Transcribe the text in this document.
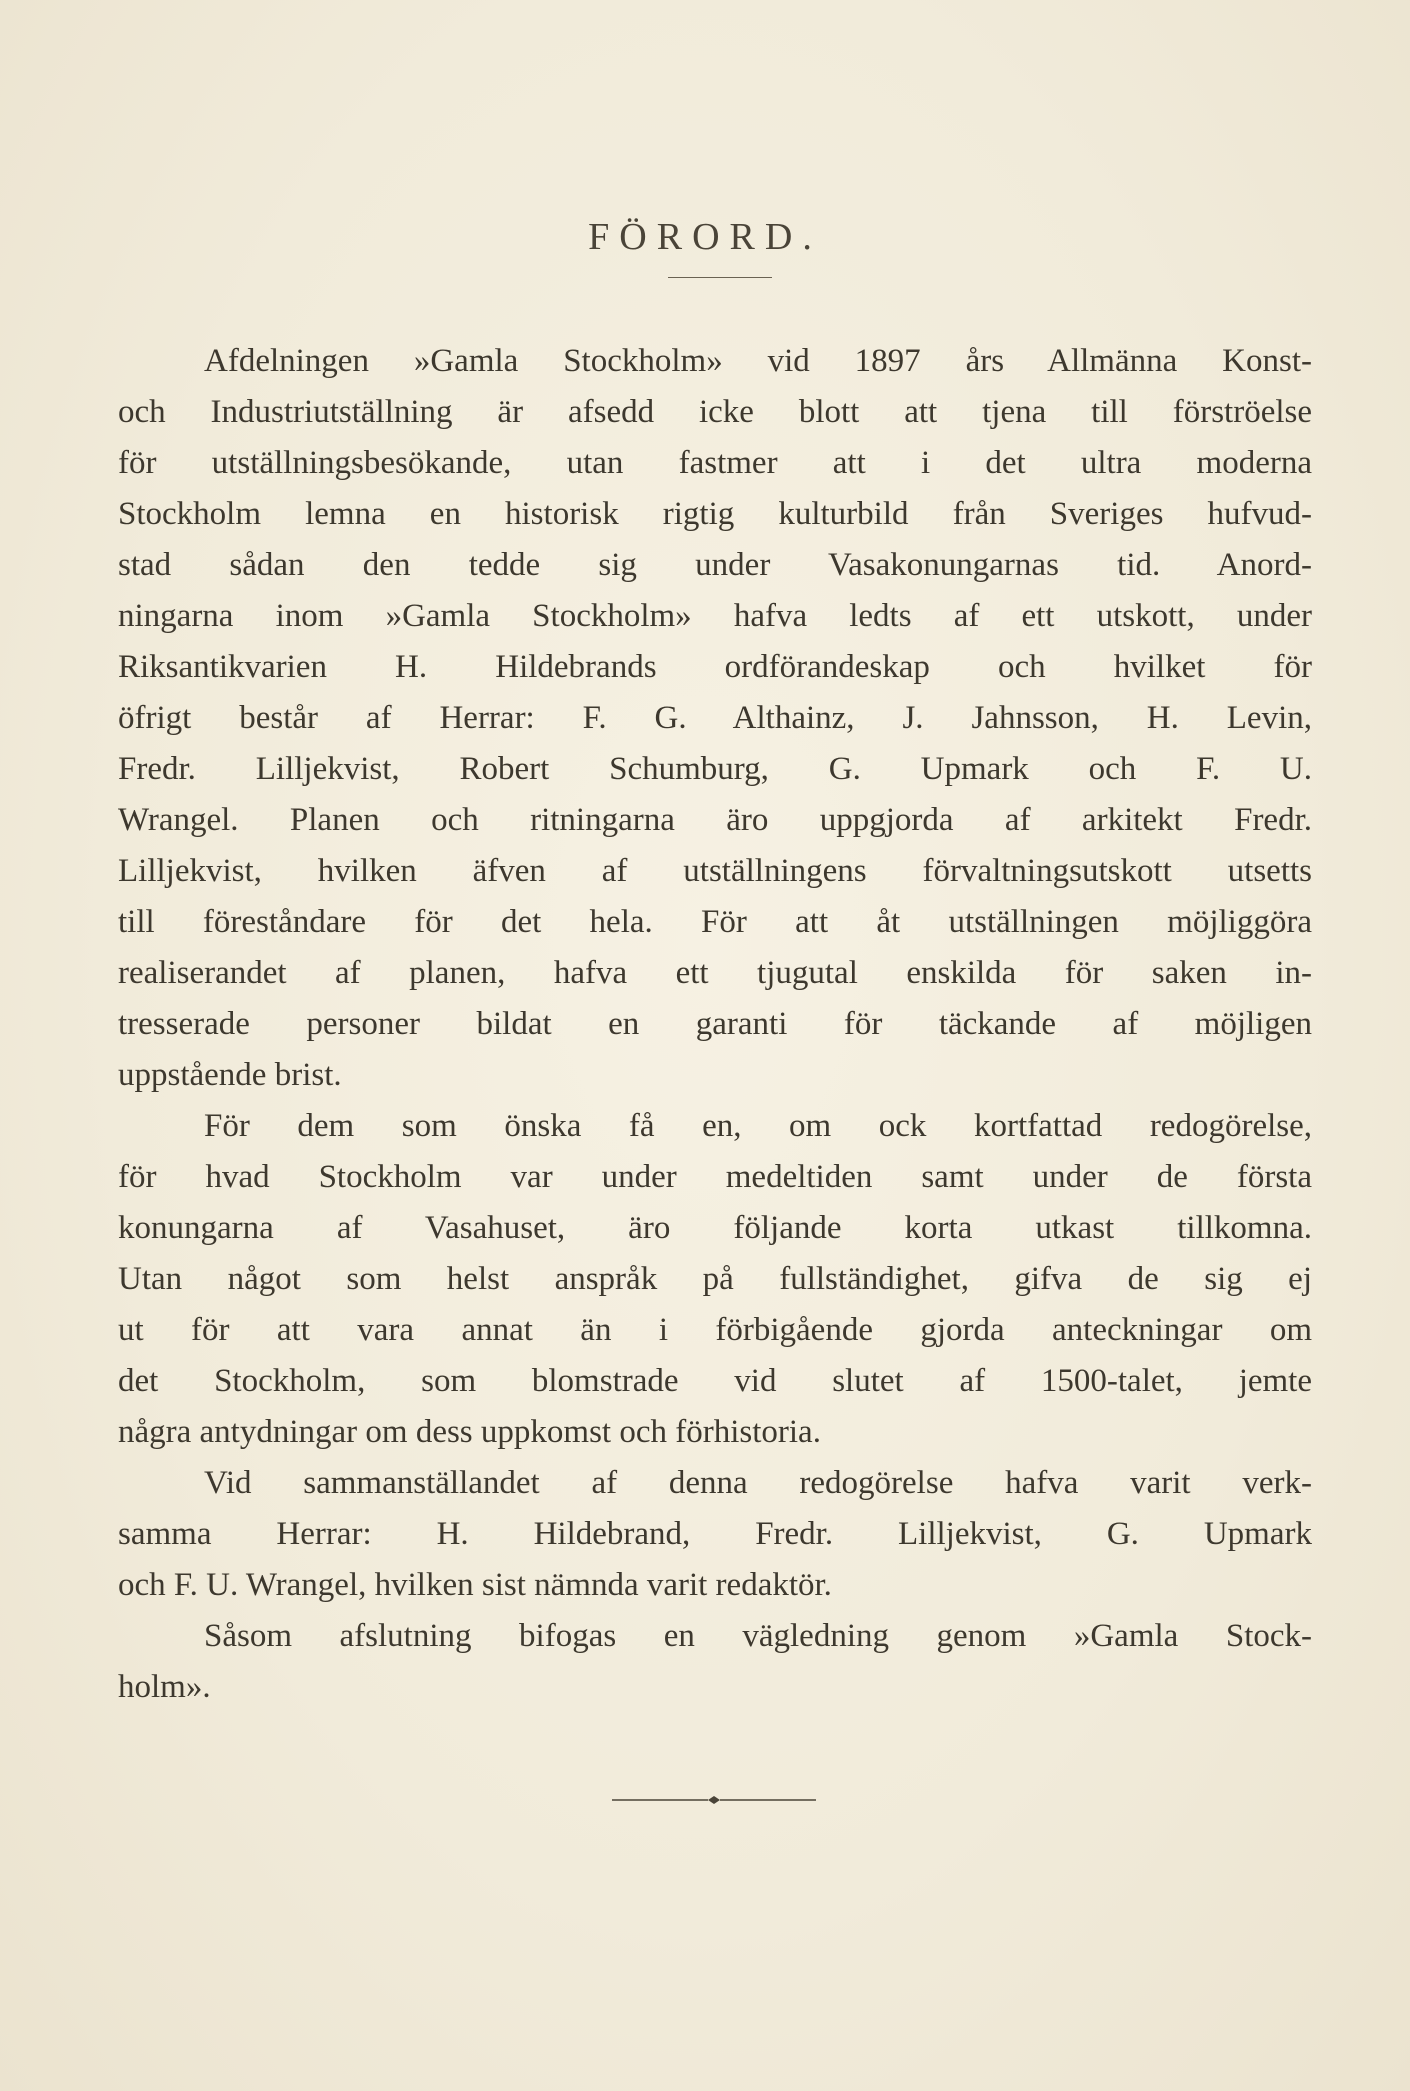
FÖRORD.
Afdelningen »Gamla Stockholm» vid 1897 års Allmänna Konst-
och Industriutställning är afsedd icke blott att tjena till förströelse
för utställningsbesökande, utan fastmer att i det ultra moderna
Stockholm lemna en historisk rigtig kulturbild från Sveriges hufvud-
stad sådan den tedde sig under Vasakonungarnas tid. Anord-
ningarna inom »Gamla Stockholm» hafva ledts af ett utskott, under
Riksantikvarien H. Hildebrands ordförandeskap och hvilket för
öfrigt består af Herrar: F. G. Althainz, J. Jahnsson, H. Levin,
Fredr. Lilljekvist, Robert Schumburg, G. Upmark och F. U.
Wrangel. Planen och ritningarna äro uppgjorda af arkitekt Fredr.
Lilljekvist, hvilken äfven af utställningens förvaltningsutskott utsetts
till föreståndare för det hela. För att åt utställningen möjliggöra
realiserandet af planen, hafva ett tjugutal enskilda för saken in-
tresserade personer bildat en garanti för täckande af möjligen
uppstående brist.
För dem som önska få en, om ock kortfattad redogörelse,
för hvad Stockholm var under medeltiden samt under de första
konungarna af Vasahuset, äro följande korta utkast tillkomna.
Utan något som helst anspråk på fullständighet, gifva de sig ej
ut för att vara annat än i förbigående gjorda anteckningar om
det Stockholm, som blomstrade vid slutet af 1500-talet, jemte
några antydningar om dess uppkomst och förhistoria.
Vid sammanställandet af denna redogörelse hafva varit verk-
samma Herrar: H. Hildebrand, Fredr. Lilljekvist, G. Upmark
och F. U. Wrangel, hvilken sist nämnda varit redaktör.
Såsom afslutning bifogas en vägledning genom »Gamla Stock-
holm».
